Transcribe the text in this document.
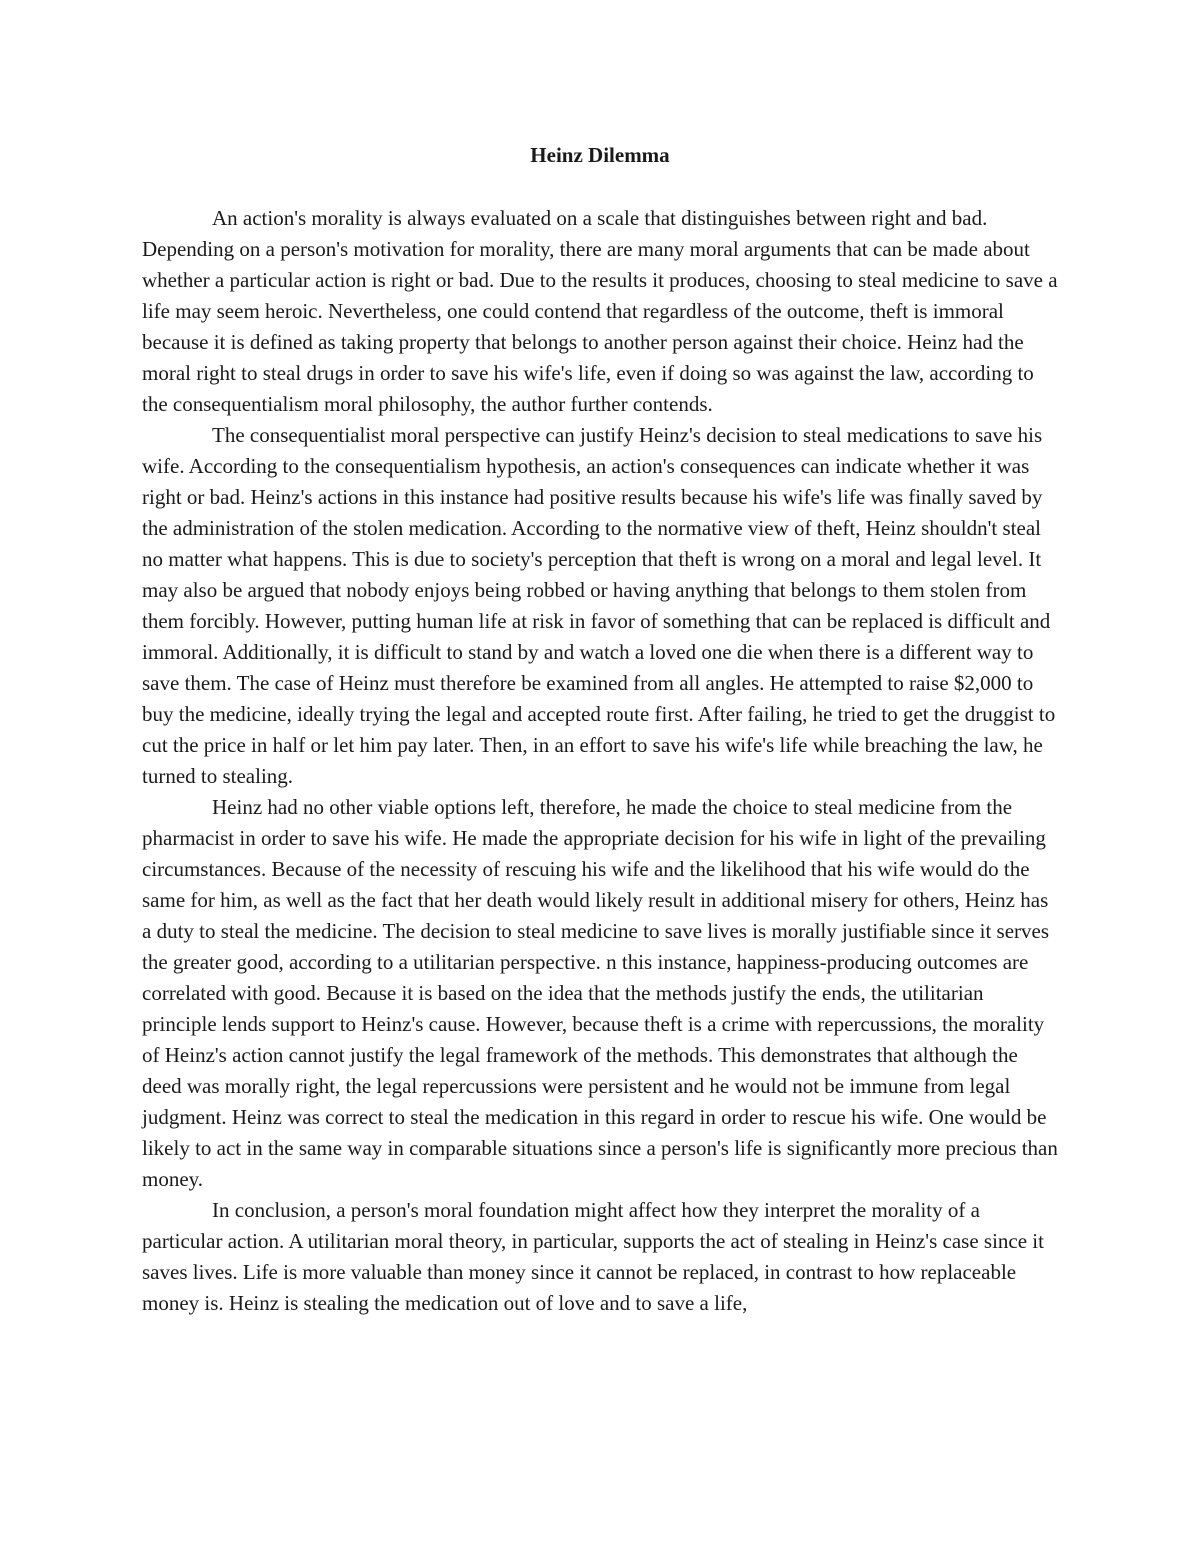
Heinz Dilemma

An action's morality is always evaluated on a scale that distinguishes between right and bad. Depending on a person's motivation for morality, there are many moral arguments that can be made about whether a particular action is right or bad. Due to the results it produces, choosing to steal medicine to save a life may seem heroic. Nevertheless, one could contend that regardless of the outcome, theft is immoral because it is defined as taking property that belongs to another person against their choice. Heinz had the moral right to steal drugs in order to save his wife's life, even if doing so was against the law, according to the consequentialism moral philosophy, the author further contends.

The consequentialist moral perspective can justify Heinz's decision to steal medications to save his wife. According to the consequentialism hypothesis, an action's consequences can indicate whether it was right or bad. Heinz's actions in this instance had positive results because his wife's life was finally saved by the administration of the stolen medication. According to the normative view of theft, Heinz shouldn't steal no matter what happens. This is due to society's perception that theft is wrong on a moral and legal level. It may also be argued that nobody enjoys being robbed or having anything that belongs to them stolen from them forcibly. However, putting human life at risk in favor of something that can be replaced is difficult and immoral. Additionally, it is difficult to stand by and watch a loved one die when there is a different way to save them. The case of Heinz must therefore be examined from all angles. He attempted to raise $2,000 to buy the medicine, ideally trying the legal and accepted route first. After failing, he tried to get the druggist to cut the price in half or let him pay later. Then, in an effort to save his wife's life while breaching the law, he turned to stealing.

Heinz had no other viable options left, therefore, he made the choice to steal medicine from the pharmacist in order to save his wife. He made the appropriate decision for his wife in light of the prevailing circumstances. Because of the necessity of rescuing his wife and the likelihood that his wife would do the same for him, as well as the fact that her death would likely result in additional misery for others, Heinz has a duty to steal the medicine. The decision to steal medicine to save lives is morally justifiable since it serves the greater good, according to a utilitarian perspective. n this instance, happiness-producing outcomes are correlated with good. Because it is based on the idea that the methods justify the ends, the utilitarian principle lends support to Heinz's cause. However, because theft is a crime with repercussions, the morality of Heinz's action cannot justify the legal framework of the methods. This demonstrates that although the deed was morally right, the legal repercussions were persistent and he would not be immune from legal judgment. Heinz was correct to steal the medication in this regard in order to rescue his wife. One would be likely to act in the same way in comparable situations since a person's life is significantly more precious than money.

In conclusion, a person's moral foundation might affect how they interpret the morality of a particular action. A utilitarian moral theory, in particular, supports the act of stealing in Heinz's case since it saves lives. Life is more valuable than money since it cannot be replaced, in contrast to how replaceable money is. Heinz is stealing the medication out of love and to save a life,
